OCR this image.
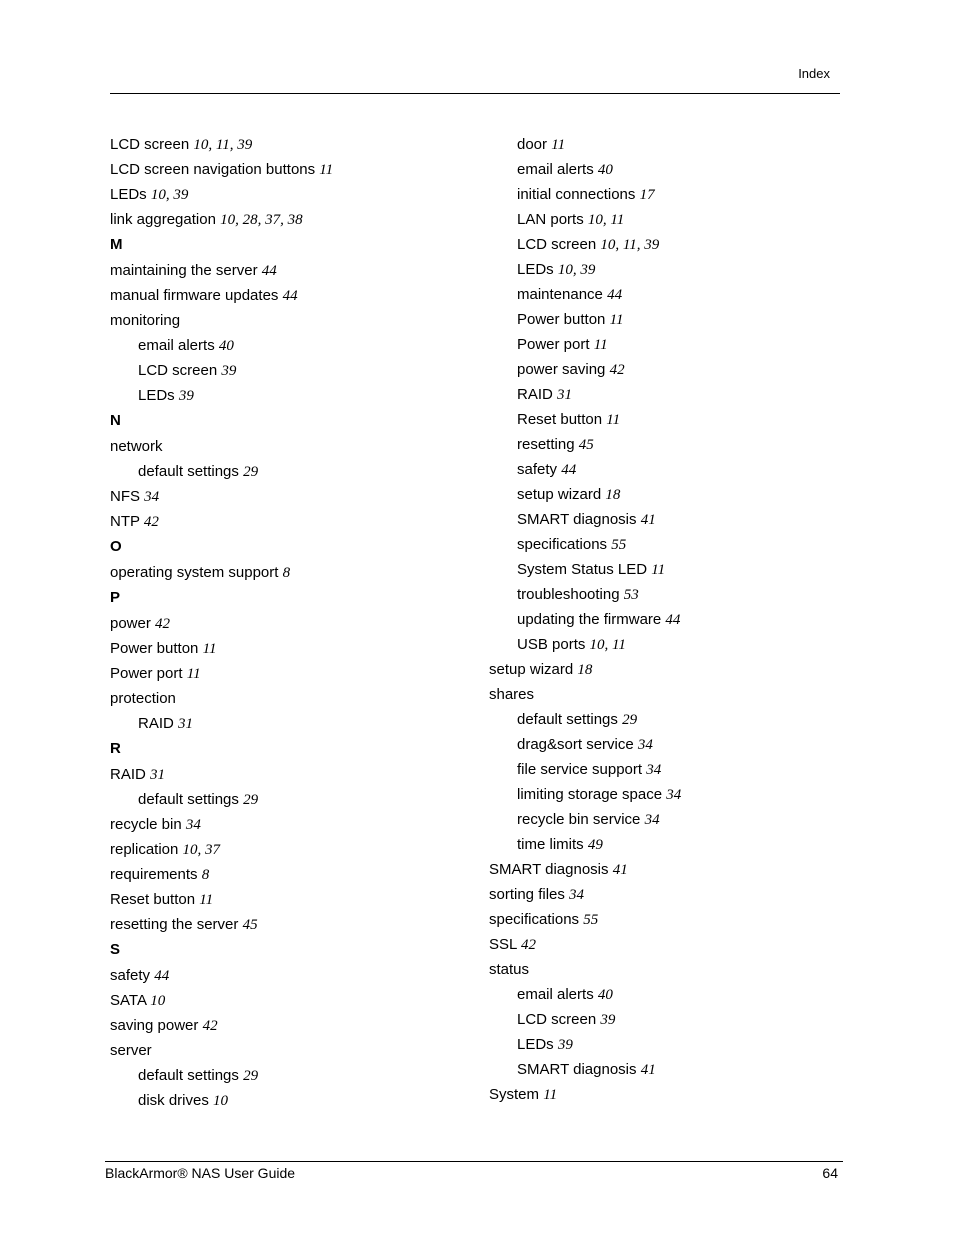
Index
LCD screen 10, 11, 39
LCD screen navigation buttons 11
LEDs 10, 39
link aggregation 10, 28, 37, 38
M
maintaining the server 44
manual firmware updates 44
monitoring
email alerts 40
LCD screen 39
LEDs 39
N
network
default settings 29
NFS 34
NTP 42
O
operating system support 8
P
power 42
Power button 11
Power port 11
protection
RAID 31
R
RAID 31
default settings 29
recycle bin 34
replication 10, 37
requirements 8
Reset button 11
resetting the server 45
S
safety 44
SATA 10
saving power 42
server
default settings 29
disk drives 10
door 11
email alerts 40
initial connections 17
LAN ports 10, 11
LCD screen 10, 11, 39
LEDs 10, 39
maintenance 44
Power button 11
Power port 11
power saving 42
RAID 31
Reset button 11
resetting 45
safety 44
setup wizard 18
SMART diagnosis 41
specifications 55
System Status LED 11
troubleshooting 53
updating the firmware 44
USB ports 10, 11
setup wizard 18
shares
default settings 29
drag&sort service 34
file service support 34
limiting storage space 34
recycle bin service 34
time limits 49
SMART diagnosis 41
sorting files 34
specifications 55
SSL 42
status
email alerts 40
LCD screen 39
LEDs 39
SMART diagnosis 41
System 11
BlackArmor® NAS User Guide	64
